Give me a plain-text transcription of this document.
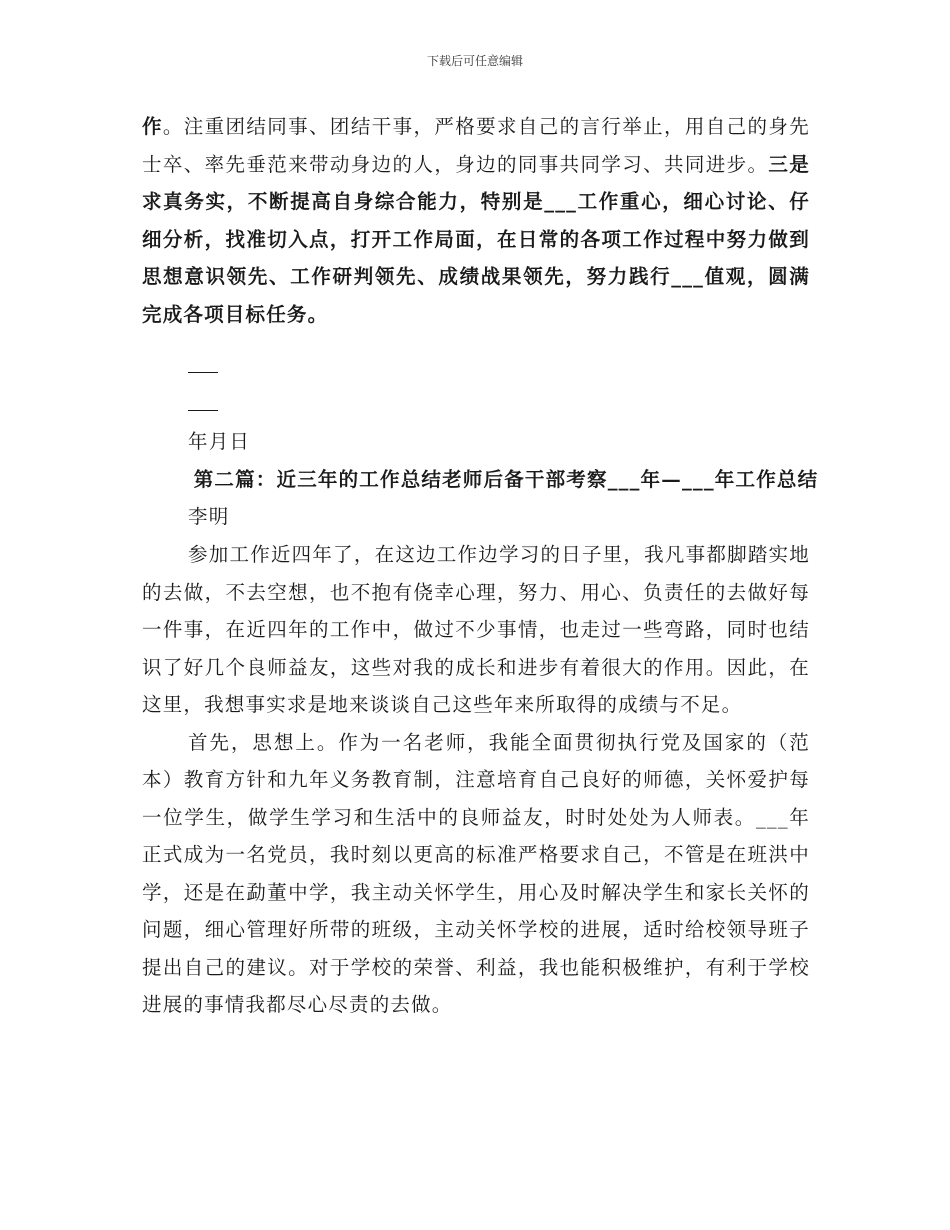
下载后可任意编辑

作。注重团结同事、团结干事，严格要求自己的言行举止，用自己的身先士卒、率先垂范来带动身边的人，身边的同事共同学习、共同进步。三是求真务实，不断提高自身综合能力，特别是___工作重心，细心讨论、仔细分析，找准切入点，打开工作局面，在日常的各项工作过程中努力做到思想意识领先、工作研判领先、成绩战果领先，努力践行___值观，圆满完成各项目标任务。

年月日

第二篇：近三年的工作总结老师后备干部考察___年—___年工作总结

李明

参加工作近四年了，在这边工作边学习的日子里，我凡事都脚踏实地的去做，不去空想，也不抱有侥幸心理，努力、用心、负责任的去做好每一件事，在近四年的工作中，做过不少事情，也走过一些弯路，同时也结识了好几个良师益友，这些对我的成长和进步有着很大的作用。因此，在这里，我想事实求是地来谈谈自己这些年来所取得的成绩与不足。

首先，思想上。作为一名老师，我能全面贯彻执行党及国家的（范本）教育方针和九年义务教育制，注意培育自己良好的师德，关怀爱护每一位学生，做学生学习和生活中的良师益友，时时处处为人师表。___年正式成为一名党员，我时刻以更高的标准严格要求自己，不管是在班洪中学，还是在勐董中学，我主动关怀学生，用心及时解决学生和家长关怀的问题，细心管理好所带的班级，主动关怀学校的进展，适时给校领导班子提出自己的建议。对于学校的荣誉、利益，我也能积极维护，有利于学校进展的事情我都尽心尽责的去做。
